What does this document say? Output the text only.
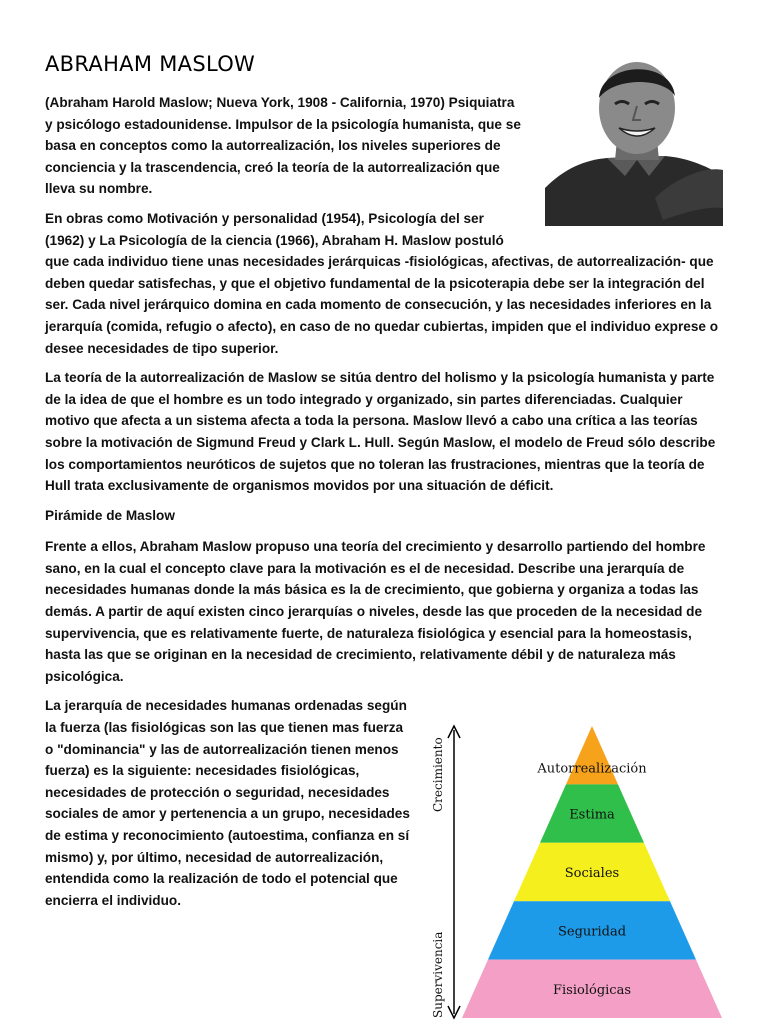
ABRAHAM MASLOW

(Abraham Harold Maslow; Nueva York, 1908 - California, 1970) Psiquiatra y psicólogo estadounidense. Impulsor de la psicología humanista, que se basa en conceptos como la autorrealización, los niveles superiores de conciencia y la trascendencia, creó la teoría de la autorrealización que lleva su nombre.

En obras como Motivación y personalidad (1954), Psicología del ser (1962) y La Psicología de la ciencia (1966), Abraham H. Maslow postuló que cada individuo tiene unas necesidades jerárquicas -fisiológicas, afectivas, de autorrealización- que deben quedar satisfechas, y que el objetivo fundamental de la psicoterapia debe ser la integración del ser. Cada nivel jerárquico domina en cada momento de consecución, y las necesidades inferiores en la jerarquía (comida, refugio o afecto), en caso de no quedar cubiertas, impiden que el individuo exprese o desee necesidades de tipo superior.

La teoría de la autorrealización de Maslow se sitúa dentro del holismo y la psicología humanista y parte de la idea de que el hombre es un todo integrado y organizado, sin partes diferenciadas. Cualquier motivo que afecta a un sistema afecta a toda la persona. Maslow llevó a cabo una crítica a las teorías sobre la motivación de Sigmund Freud y Clark L. Hull. Según Maslow, el modelo de Freud sólo describe los comportamientos neuróticos de sujetos que no toleran las frustraciones, mientras que la teoría de Hull trata exclusivamente de organismos movidos por una situación de déficit.

Pirámide de Maslow

Frente a ellos, Abraham Maslow propuso una teoría del crecimiento y desarrollo partiendo del hombre sano, en la cual el concepto clave para la motivación es el de necesidad. Describe una jerarquía de necesidades humanas donde la más básica es la de crecimiento, que gobierna y organiza a todas las demás. A partir de aquí existen cinco jerarquías o niveles, desde las que proceden de la necesidad de supervivencia, que es relativamente fuerte, de naturaleza fisiológica y esencial para la homeostasis, hasta las que se originan en la necesidad de crecimiento, relativamente débil y de naturaleza más psicológica.

La jerarquía de necesidades humanas ordenadas según la fuerza (las fisiológicas son las que tienen mas fuerza o "dominancia" y las de autorrealización tienen menos fuerza) es la siguiente: necesidades fisiológicas, necesidades de protección o seguridad, necesidades sociales de amor y pertenencia a un grupo, necesidades de estima y reconocimiento (autoestima, confianza en sí mismo) y, por último, necesidad de autorrealización, entendida como la realización de todo el potencial que encierra el individuo.

Crecimiento
Supervivencia
Autorrealización
Estima
Sociales
Seguridad
Fisiológicas
